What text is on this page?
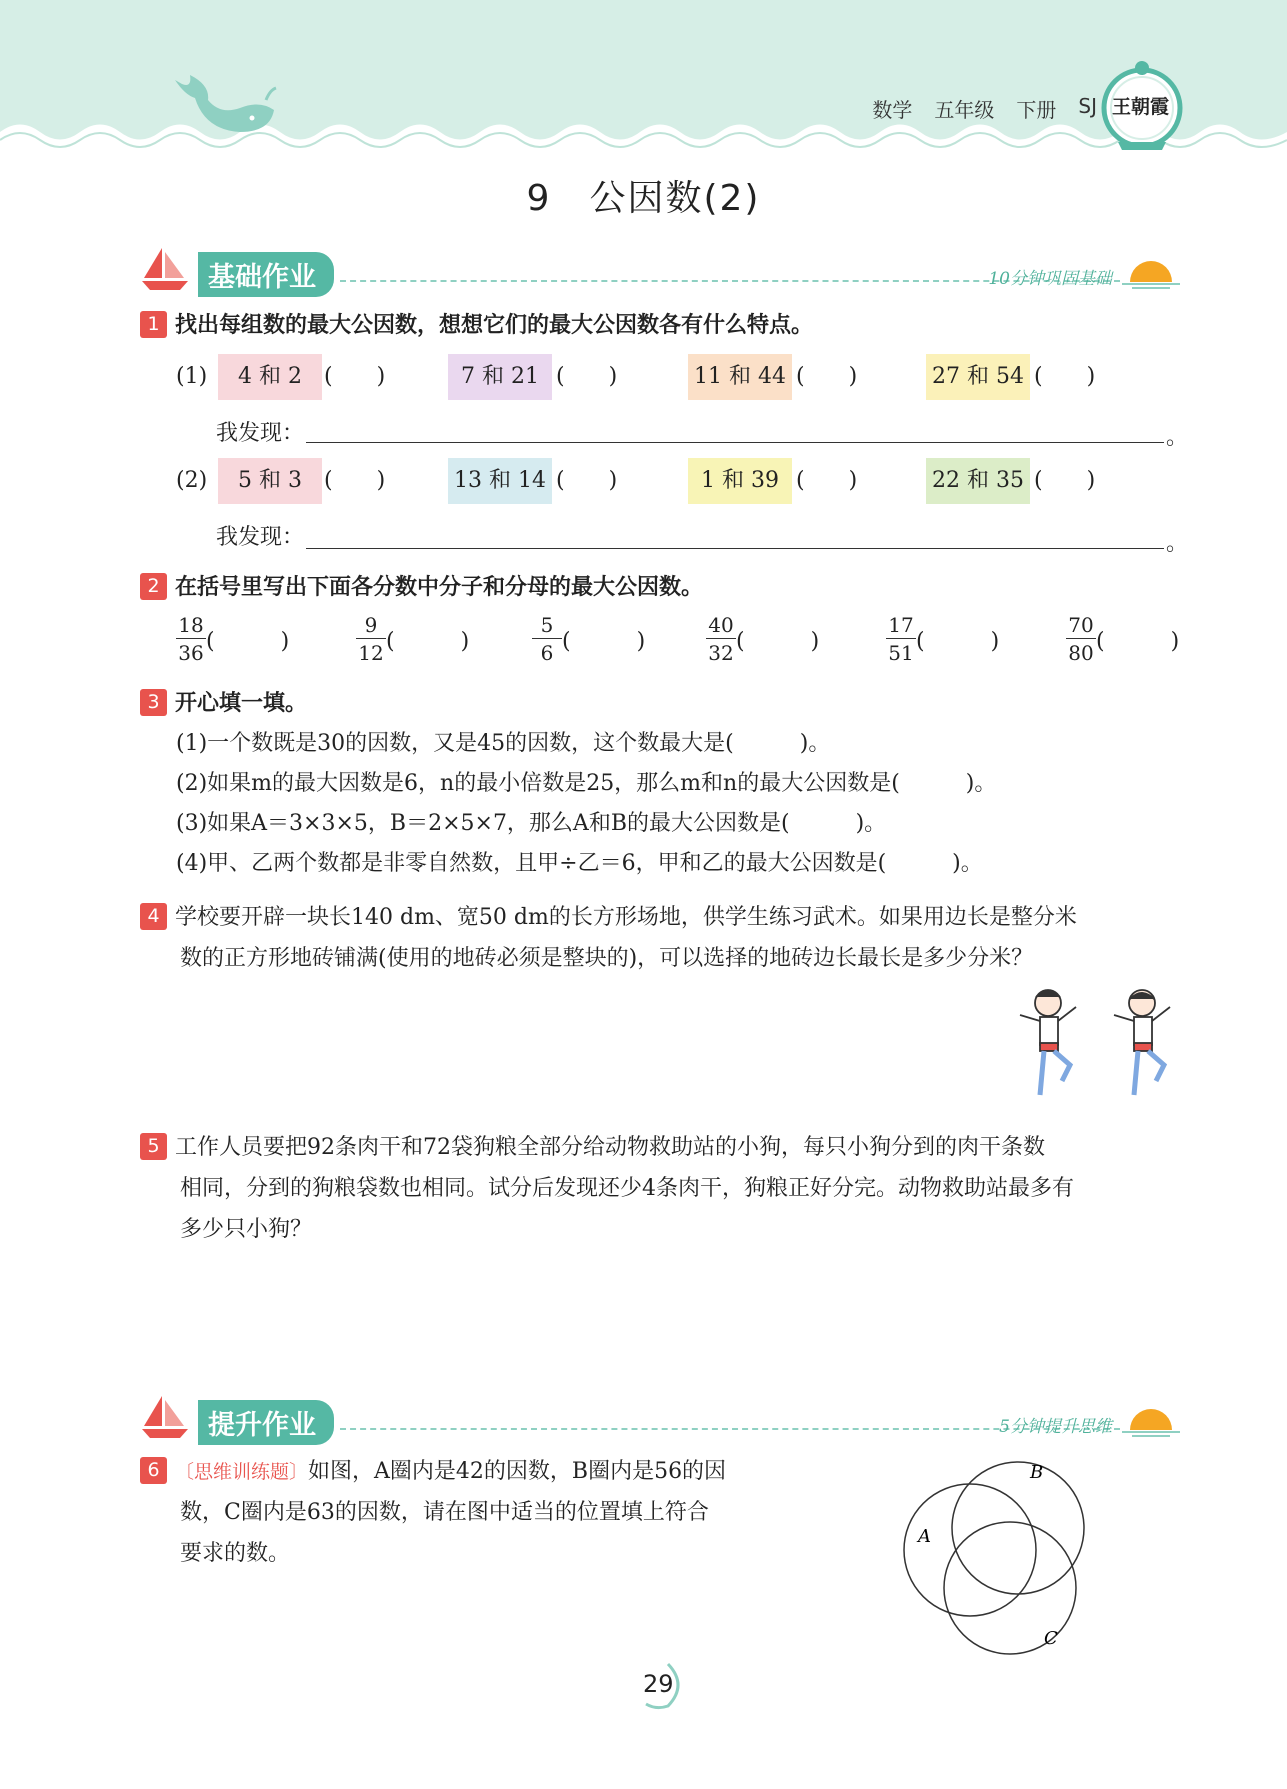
数学 五年级 下册 SJ 王朝霞
9　公因数(2)
基础作业	10分钟巩固基础
1 找出每组数的最大公因数，想想它们的最大公因数各有什么特点。
(1)	4 和 2	(　　)	7 和 21 (　　)	11 和 44 (　　)	27 和 54 (　　)
我发现：	。
(2)	5 和 3	(　　)	13 和 14 (　　)	1 和 39 (　　)	22 和 35 (　　)
我发现：	。
2 在括号里写出下面各分数中分子和分母的最大公因数。
$\frac{18}{36}$ (　　　)	$\frac{9}{12}$ (　　　)	$\frac{5}{6}$ (　　　)	$\frac{40}{32}$ (　　　)	$\frac{17}{51}$ (　　　)	$\frac{70}{80}$ (　　　)
3 开心填一填。
(1)一个数既是30的因数，又是45的因数，这个数最大是(　　　)。
(2)如果m的最大因数是6，n的最小倍数是25，那么m和n的最大公因数是(　　　)。
(3)如果A＝3×3×5，B＝2×5×7，那么A和B的最大公因数是(　　　)。
(4)甲、乙两个数都是非零自然数，且甲÷乙＝6，甲和乙的最大公因数是(　　　)。
4 学校要开辟一块长140 dm、宽50 dm的长方形场地，供学生练习武术。如果用边长是整分米
数的正方形地砖铺满(使用的地砖必须是整块的)，可以选择的地砖边长最长是多少分米？
5 工作人员要把92条肉干和72袋狗粮全部分给动物救助站的小狗，每只小狗分到的肉干条数
相同，分到的狗粮袋数也相同。试分后发现还少4条肉干，狗粮正好分完。动物救助站最多有
多少只小狗？
提升作业	5分钟提升思维
6 〔思维训练题〕如图，A圈内是42的因数，B圈内是56的因
数，C圈内是63的因数，请在图中适当的位置填上符合
要求的数。
A
B
C
29
